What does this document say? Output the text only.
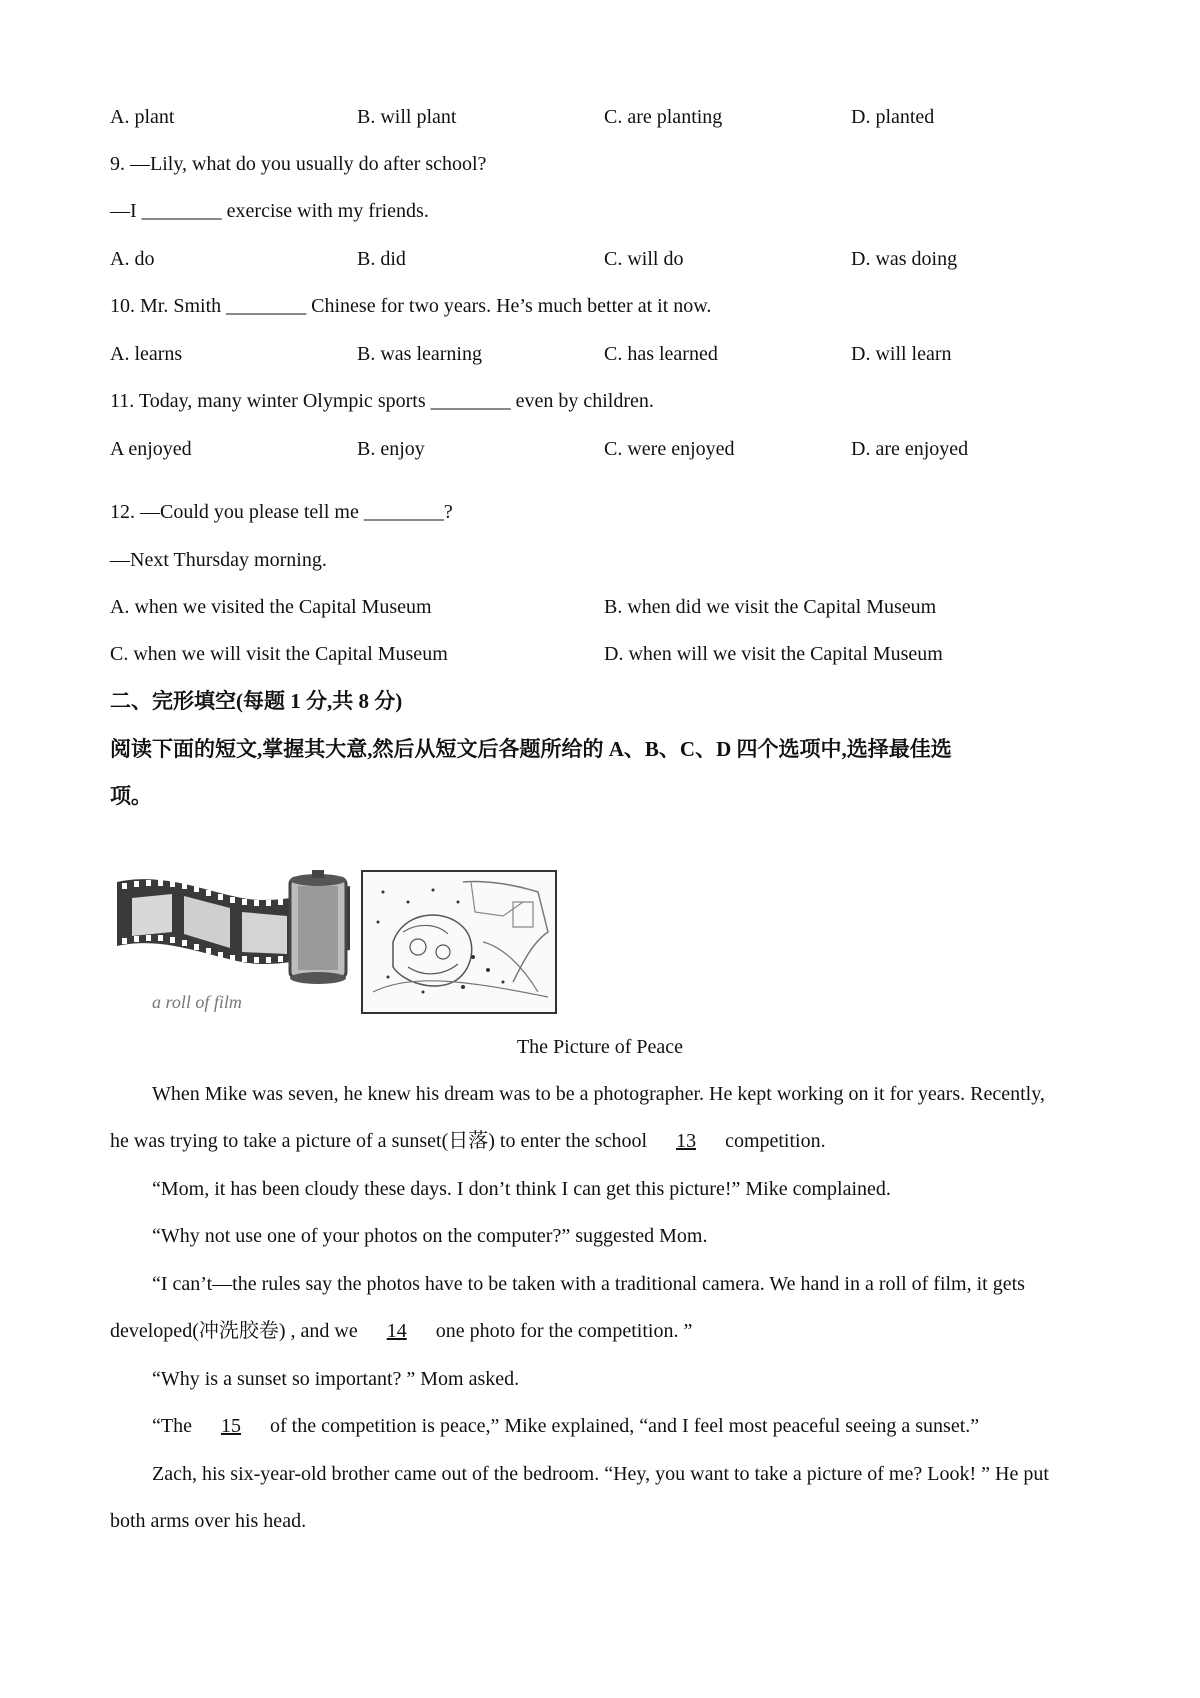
A. plant	B. will plant	C. are planting	D. planted
9. —Lily, what do you usually do after school?
—I ________ exercise with my friends.
A. do	B. did	C. will do	D. was doing
10. Mr. Smith ________ Chinese for two years. He’s much better at it now.
A. learns	B. was learning	C. has learned	D. will learn
11. Today, many winter Olympic sports ________ even by children.
A enjoyed	B. enjoy	C. were enjoyed	D. are enjoyed
12. —Could you please tell me ________?
—Next Thursday morning.
A. when we visited the Capital Museum	B. when did we visit the Capital Museum
C. when we will visit the Capital Museum	D. when will we visit the Capital Museum
二、完形填空(每题 1 分,共 8 分)
阅读下面的短文,掌握其大意,然后从短文后各题所给的 A、B、C、D 四个选项中,选择最佳选
项。
a roll of film
The Picture of Peace
When Mike was seven, he knew his dream was to be a photographer. He kept working on it for years. Recently,
he was trying to take a picture of a sunset(日落) to enter the school 13 competition.
“Mom, it has been cloudy these days. I don’t think I can get this picture!” Mike complained.
“Why not use one of your photos on the computer?” suggested Mom.
“I can’t—the rules say the photos have to be taken with a traditional camera. We hand in a roll of film, it gets
developed(冲洗胶卷) , and we 14 one photo for the competition. ”
“Why is a sunset so important? ” Mom asked.
“The 15 of the competition is peace,” Mike explained, “and I feel most peaceful seeing a sunset.”
Zach, his six-year-old brother came out of the bedroom. “Hey, you want to take a picture of me? Look! ” He put
both arms over his head.
